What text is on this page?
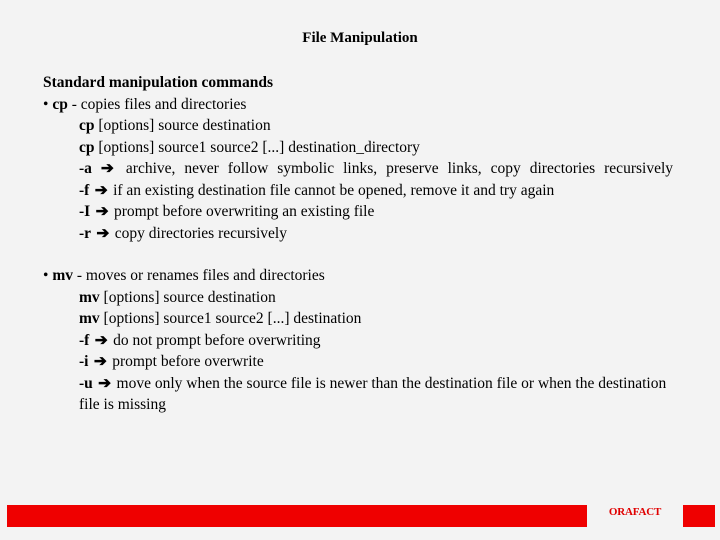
File Manipulation
Standard manipulation commands
• cp - copies files and directories
cp [options] source destination
cp [options] source1 source2 [...] destination_directory
-a ➔ archive, never follow symbolic links, preserve links, copy directories recursively
-f ➔ if an existing destination file cannot be opened, remove it and try again
-I ➔ prompt before overwriting an existing file
-r ➔ copy directories recursively
• mv - moves or renames files and directories
mv [options] source destination
mv [options] source1 source2 [...] destination
-f ➔ do not prompt before overwriting
-i ➔ prompt before overwrite
-u ➔ move only when the source file is newer than the destination file or when the destination file is missing
ORAFACT
